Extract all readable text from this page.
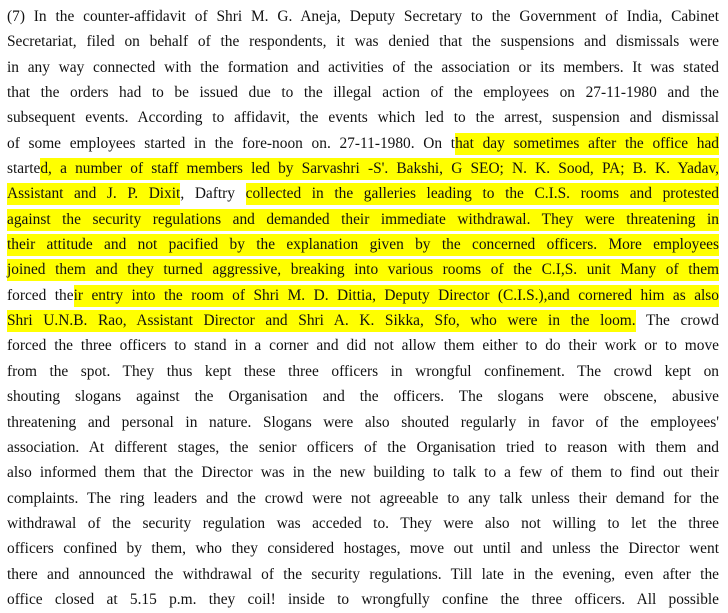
(7) In the counter-affidavit of Shri M. G. Aneja, Deputy Secretary to the Government of India, Cabinet
Secretariat, filed on behalf of the respondents, it was denied that the suspensions and dismissals were
in any way connected with the formation and activities of the association or its members. It was stated
that the orders had to be issued due to the illegal action of the employees on 27-11-1980 and the
subsequent events. According to affidavit, the events which led to the arrest, suspension and dismissal
of some employees started in the fore-noon on. 27-11-1980. On that day sometimes after the office had
started, a number of staff members led by Sarvashri -S'. Bakshi, G SEO; N. K. Sood, PA; B. K. Yadav,
Assistant and J. P. Dixit, Daftry collected in the galleries leading to the C.I.S. rooms and protested
against the security regulations and demanded their immediate withdrawal. They were threatening in
their attitude and not pacified by the explanation given by the concerned officers. More employees
joined them and they turned aggressive, breaking into various rooms of the C.I,S. unit Many of them
forced their entry into the room of Shri M. D. Dittia, Deputy Director (C.I.S.),and cornered him as also
Shri U.N.B. Rao, Assistant Director and Shri A. K. Sikka, Sfo, who were in the loom. The crowd
forced the three officers to stand in a corner and did not allow them either to do their work or to move
from the spot. They thus kept these three officers in wrongful confinement. The crowd kept on
shouting slogans against the Organisation and the officers. The slogans were obscene, abusive
threatening and personal in nature. Slogans were also shouted regularly in favor of the employees'
association. At different stages, the senior officers of the Organisation tried to reason with them and
also informed them that the Director was in the new building to talk to a few of them to find out their
complaints. The ring leaders and the crowd were not agreeable to any talk unless their demand for the
withdrawal of the security regulation was acceded to. They were also not willing to let the three
officers confined by them, who they considered hostages, move out until and unless the Director went
there and announced the withdrawal of the security regulations. Till late in the evening, even after the
office closed at 5.15 p.m. they coil! inside to wrongfully confine the three officers. All possible
